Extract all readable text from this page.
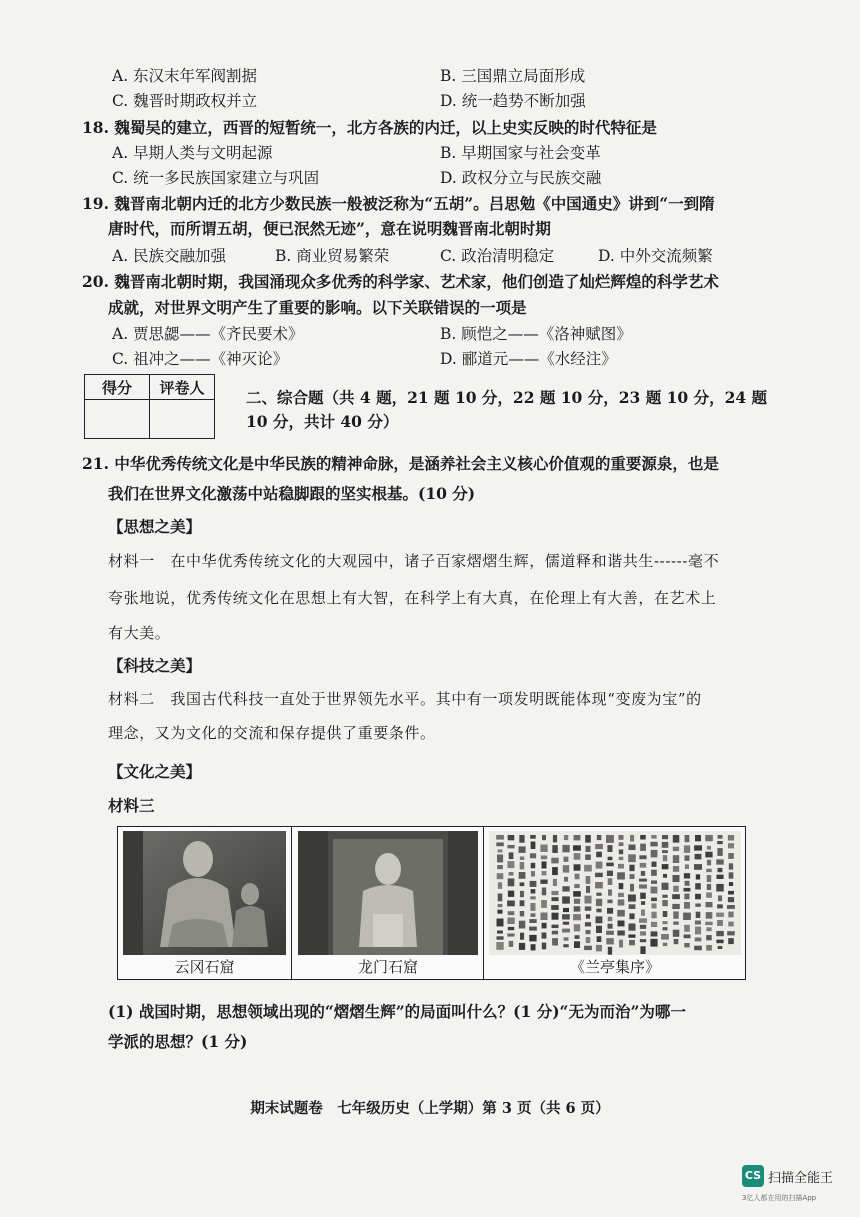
A. 东汉末年军阀割据	B. 三国鼎立局面形成
C. 魏晋时期政权并立	D. 统一趋势不断加强
18. 魏蜀吴的建立，西晋的短暂统一，北方各族的内迁，以上史实反映的时代特征是
A. 早期人类与文明起源	B. 早期国家与社会变革
C. 统一多民族国家建立与巩固	D. 政权分立与民族交融
19. 魏晋南北朝内迁的北方少数民族一般被泛称为“五胡”。吕思勉《中国通史》讲到“一到隋
唐时代，而所谓五胡，便已泯然无迹”，意在说明魏晋南北朝时期
A. 民族交融加强	B. 商业贸易繁荣	C. 政治清明稳定	D. 中外交流频繁
20. 魏晋南北朝时期，我国涌现众多优秀的科学家、艺术家，他们创造了灿烂辉煌的科学艺术
成就，对世界文明产生了重要的影响。以下关联错误的一项是
A. 贾思勰——《齐民要术》	B. 顾恺之——《洛神赋图》
C. 祖冲之——《神灭论》	D. 郦道元——《水经注》
得分	评卷人

二、综合题（共 4 题，21 题 10 分，22 题 10 分，23 题 10 分，24 题
10 分，共计 40 分）
21. 中华优秀传统文化是中华民族的精神命脉，是涵养社会主义核心价值观的重要源泉，也是
我们在世界文化激荡中站稳脚跟的坚实根基。(10 分)
【思想之美】
材料一　在中华优秀传统文化的大观园中，诸子百家熠熠生辉，儒道释和谐共生------毫不
夸张地说，优秀传统文化在思想上有大智，在科学上有大真，在伦理上有大善，在艺术上
有大美。
【科技之美】
材料二　我国古代科技一直处于世界领先水平。其中有一项发明既能体现“变废为宝”的
理念，又为文化的交流和保存提供了重要条件。
【文化之美】
材料三
云冈石窟	龙门石窟	《兰亭集序》
(1) 战国时期，思想领域出现的“熠熠生辉”的局面叫什么？(1 分)“无为而治”为哪一
学派的思想？(1 分)
期末试题卷　七年级历史（上学期）第 3 页（共 6 页）
CS 扫描全能王
3亿人都在用的扫描App
